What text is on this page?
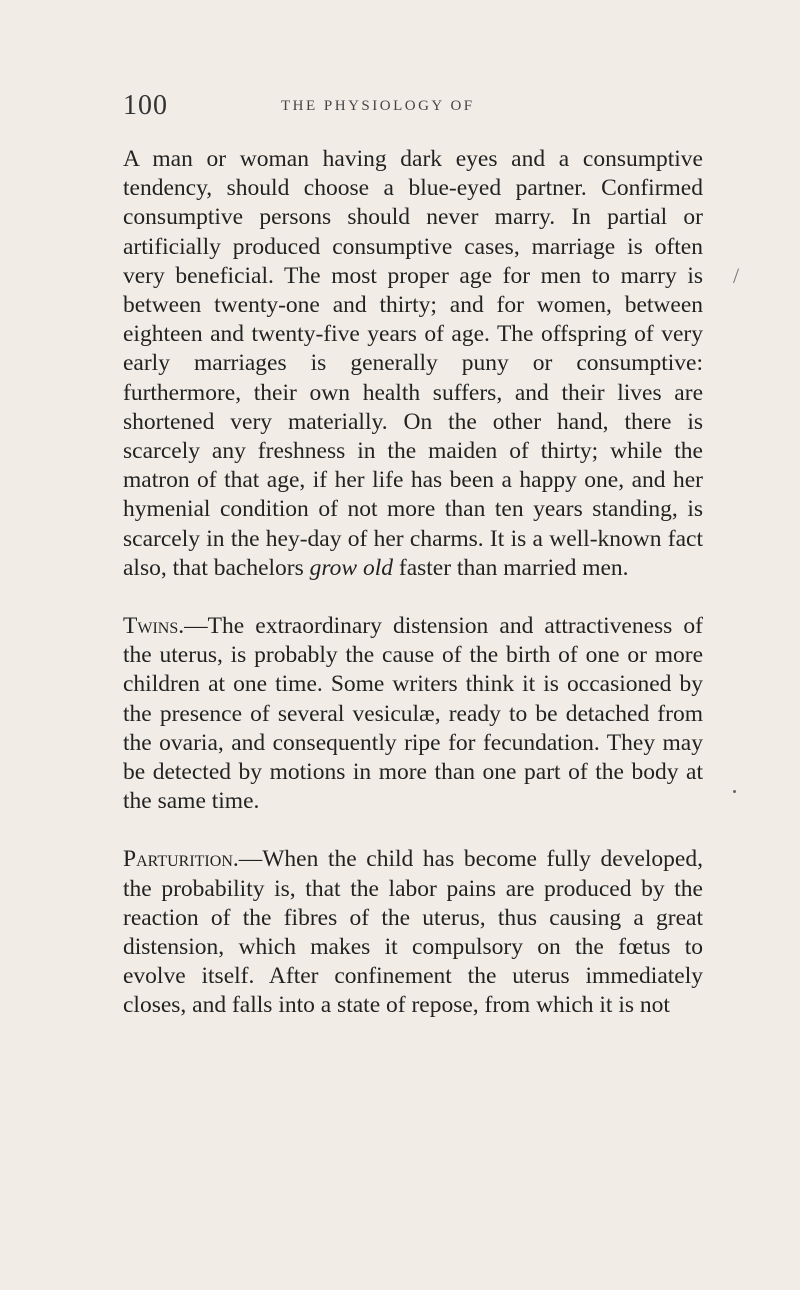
100	THE PHYSIOLOGY OF

A man or woman having dark eyes and a consumptive tendency, should choose a blue-eyed partner. Confirmed consumptive persons should never marry. In partial or artificially produced consumptive cases, marriage is often very beneficial. The most proper age for men to marry is between twenty-one and thirty; and for women, between eighteen and twenty-five years of age. The offspring of very early marriages is generally puny or consumptive: furthermore, their own health suffers, and their lives are shortened very materially. On the other hand, there is scarcely any freshness in the maiden of thirty; while the matron of that age, if her life has been a happy one, and her hymenial condition of not more than ten years standing, is scarcely in the hey-day of her charms. It is a well-known fact also, that bachelors grow old faster than married men.

Twins.—The extraordinary distension and attractiveness of the uterus, is probably the cause of the birth of one or more children at one time. Some writers think it is occasioned by the presence of several vesiculæ, ready to be detached from the ovaria, and consequently ripe for fecundation. They may be detected by motions in more than one part of the body at the same time.

Parturition.—When the child has become fully developed, the probability is, that the labor pains are produced by the reaction of the fibres of the uterus, thus causing a great distension, which makes it compulsory on the fœtus to evolve itself. After confinement the uterus immediately closes, and falls into a state of repose, from which it is not

/
